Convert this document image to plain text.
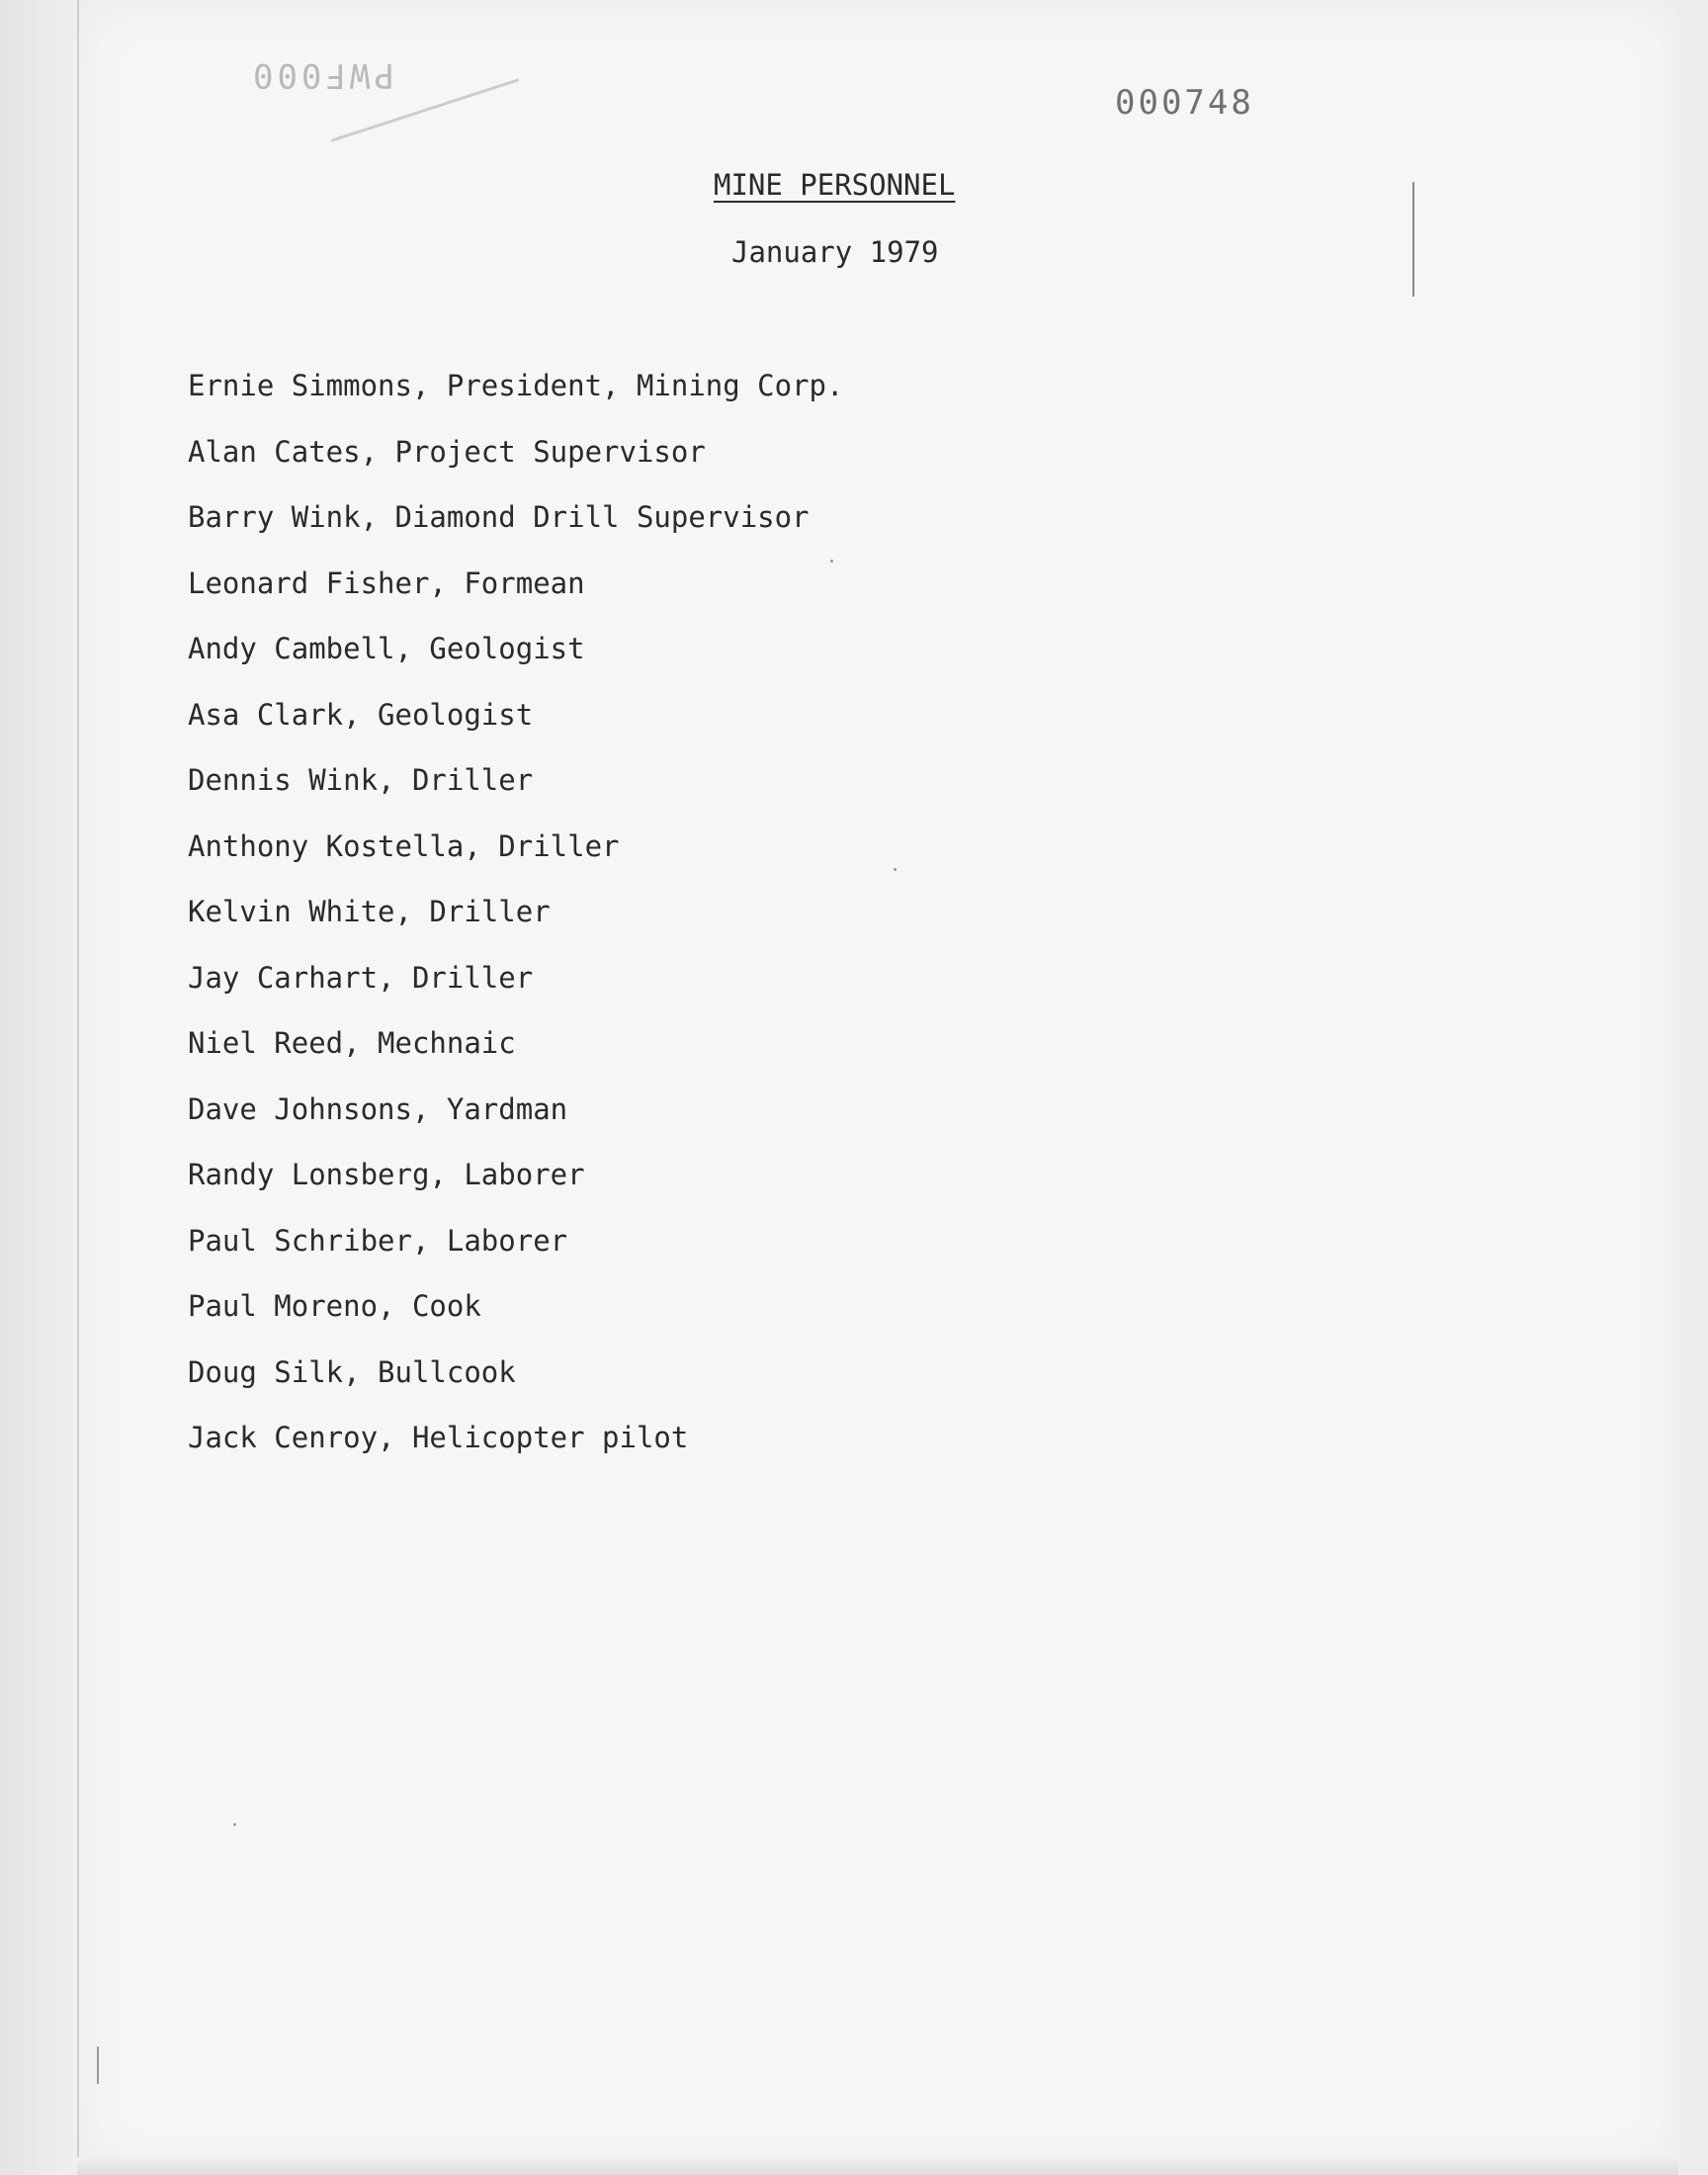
PWF000
000748
MINE PERSONNEL
January 1979
Ernie Simmons, President, Mining Corp.
Alan Cates, Project Supervisor
Barry Wink, Diamond Drill Supervisor
Leonard Fisher, Formean
Andy Cambell, Geologist
Asa Clark, Geologist
Dennis Wink, Driller
Anthony Kostella, Driller
Kelvin White, Driller
Jay Carhart, Driller
Niel Reed, Mechnaic
Dave Johnsons, Yardman
Randy Lonsberg, Laborer
Paul Schriber, Laborer
Paul Moreno, Cook
Doug Silk, Bullcook
Jack Cenroy, Helicopter pilot
